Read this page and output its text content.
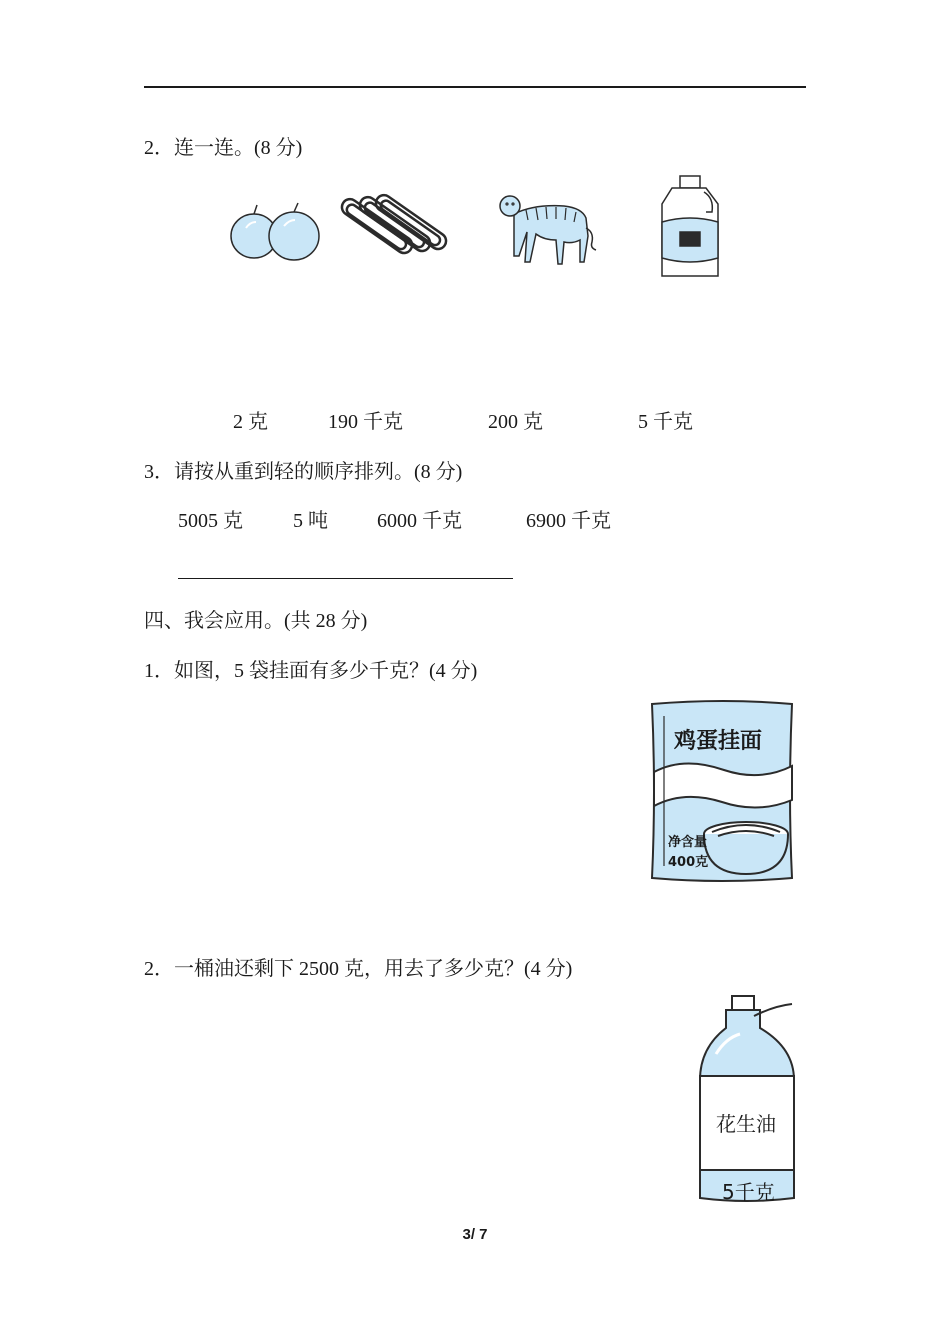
2．连一连。(8 分)
2 克	190 千克	200 克	5 千克
3．请按从重到轻的顺序排列。(8 分)
5005 克	5 吨 6000 千克	6900 千克
四、我会应用。(共 28 分)
1．如图，5 袋挂面有多少千克？(4 分)
鸡蛋挂面
净含量
400克
2．一桶油还剩下 2500 克，用去了多少克？(4 分)
花生油
5千克
3/ 7
